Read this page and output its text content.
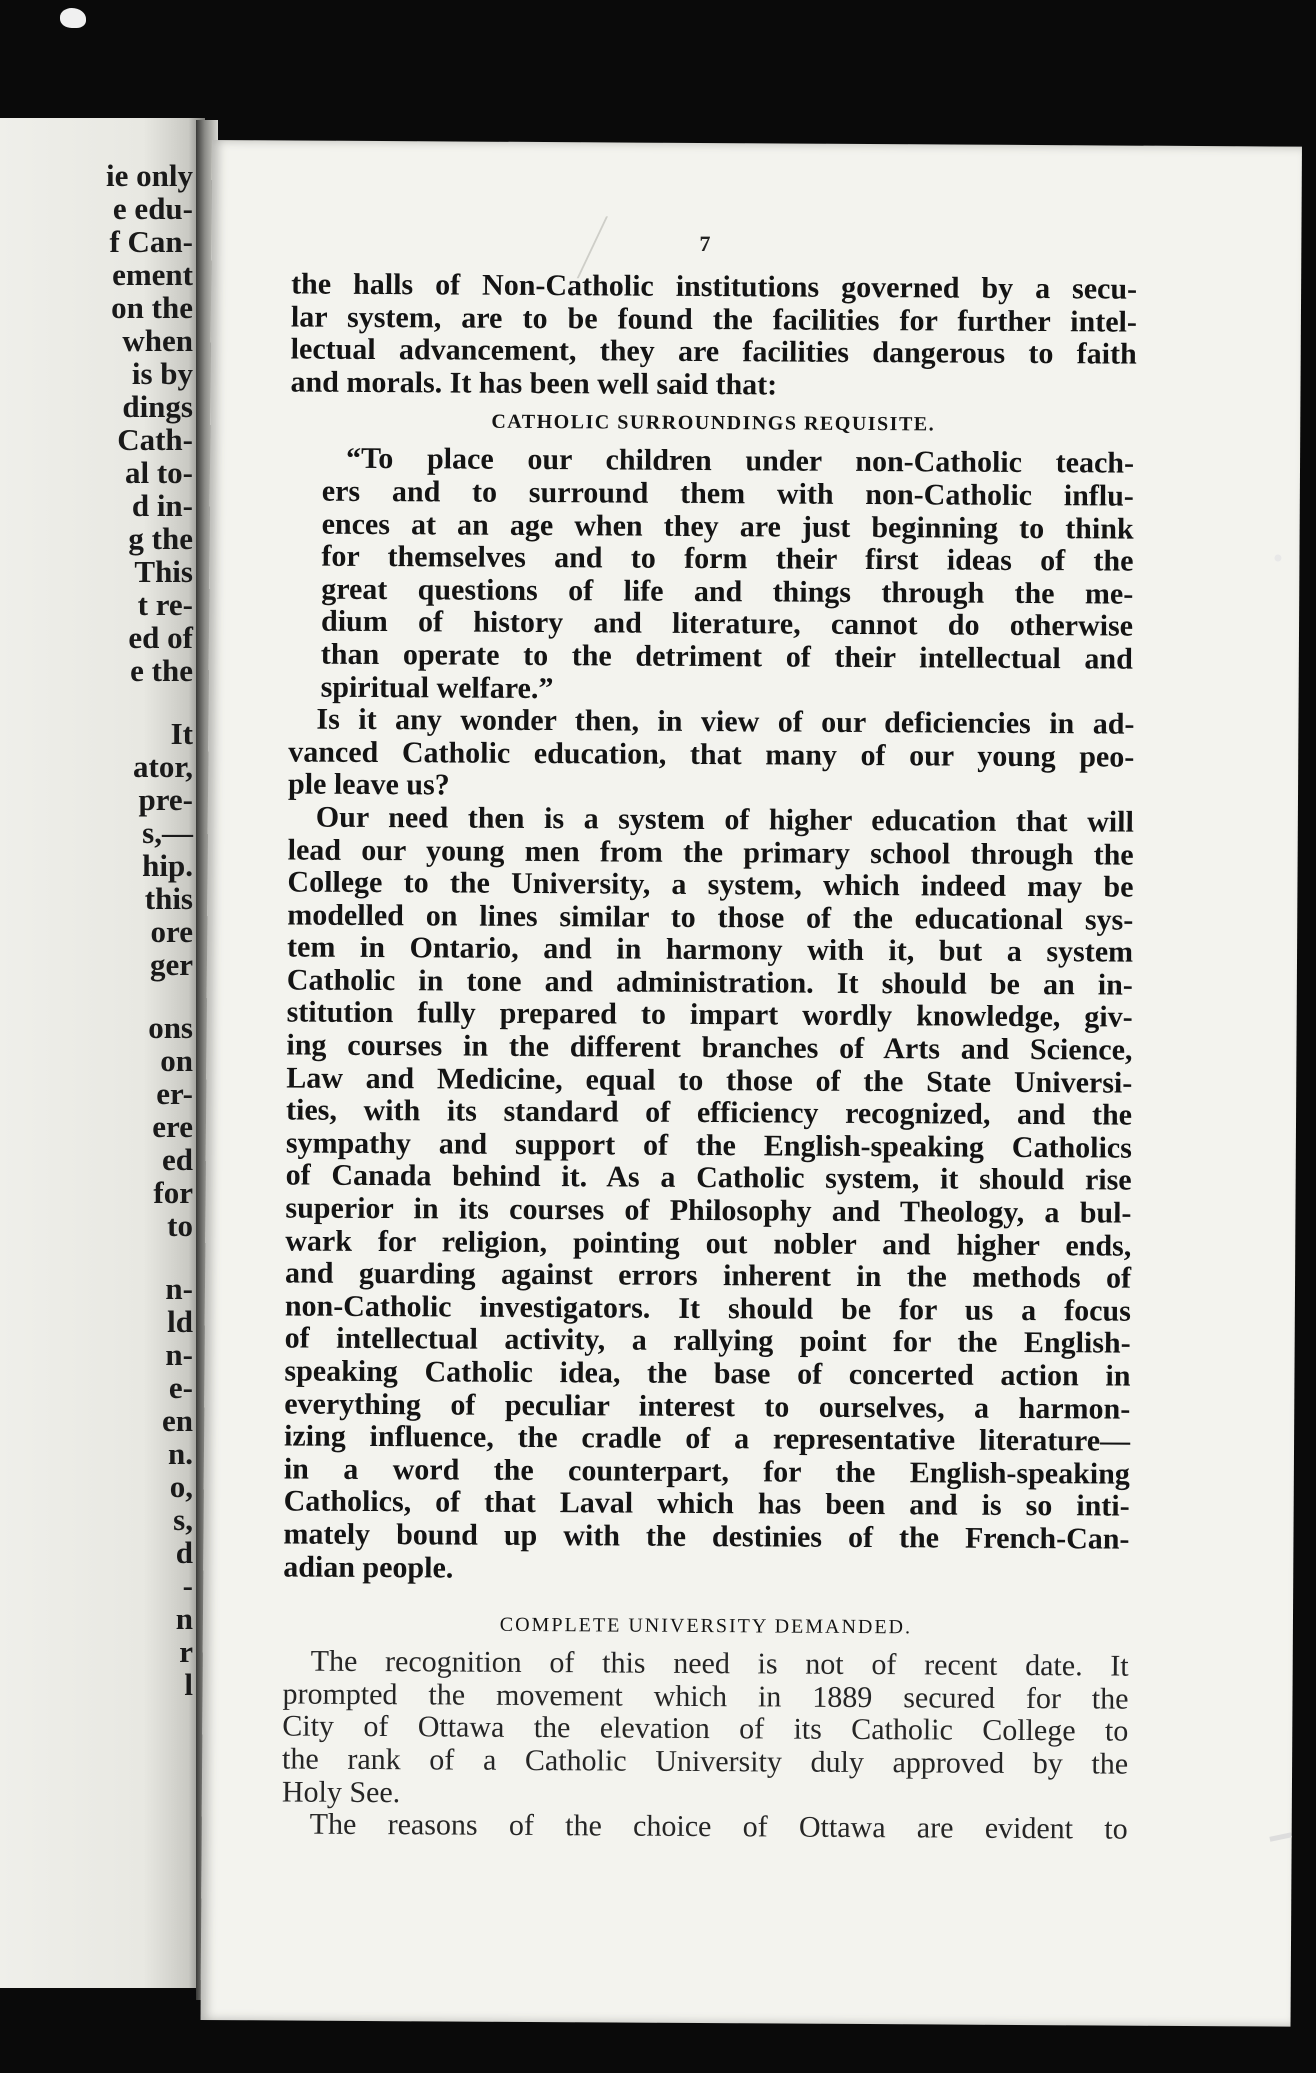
ie only
e edu-
f Can-
ement
on the
when
is by
dings
Cath-
al to-
d in-
g the
This
t re-
ed of
e the
It
ator,
pre-
s,—
hip.
this
ore
ger
ons
on
er-
ere
ed
for
to
n-
ld
n-
e-
en
n.
o,
s,
d
-
n
r
l
7
the halls of Non-Catholic institutions governed by a secu-
lar system, are to be found the facilities for further intel-
lectual advancement, they are facilities dangerous to faith
and morals. It has been well said that:
CATHOLIC SURROUNDINGS REQUISITE.
“To place our children under non-Catholic teach-
ers and to surround them with non-Catholic influ-
ences at an age when they are just beginning to think
for themselves and to form their first ideas of the
great questions of life and things through the me-
dium of history and literature, cannot do otherwise
than operate to the detriment of their intellectual and
spiritual welfare.”
Is it any wonder then, in view of our deficiencies in ad-
vanced Catholic education, that many of our young peo-
ple leave us?
Our need then is a system of higher education that will
lead our young men from the primary school through the
College to the University, a system, which indeed may be
modelled on lines similar to those of the educational sys-
tem in Ontario, and in harmony with it, but a system
Catholic in tone and administration. It should be an in-
stitution fully prepared to impart wordly knowledge, giv-
ing courses in the different branches of Arts and Science,
Law and Medicine, equal to those of the State Universi-
ties, with its standard of efficiency recognized, and the
sympathy and support of the English-speaking Catholics
of Canada behind it. As a Catholic system, it should rise
superior in its courses of Philosophy and Theology, a bul-
wark for religion, pointing out nobler and higher ends,
and guarding against errors inherent in the methods of
non-Catholic investigators. It should be for us a focus
of intellectual activity, a rallying point for the English-
speaking Catholic idea, the base of concerted action in
everything of peculiar interest to ourselves, a harmon-
izing influence, the cradle of a representative literature—
in a word the counterpart, for the English-speaking
Catholics, of that Laval which has been and is so inti-
mately bound up with the destinies of the French-Can-
adian people.
COMPLETE UNIVERSITY DEMANDED.
The recognition of this need is not of recent date. It
prompted the movement which in 1889 secured for the
City of Ottawa the elevation of its Catholic College to
the rank of a Catholic University duly approved by the
Holy See.
The reasons of the choice of Ottawa are evident to
